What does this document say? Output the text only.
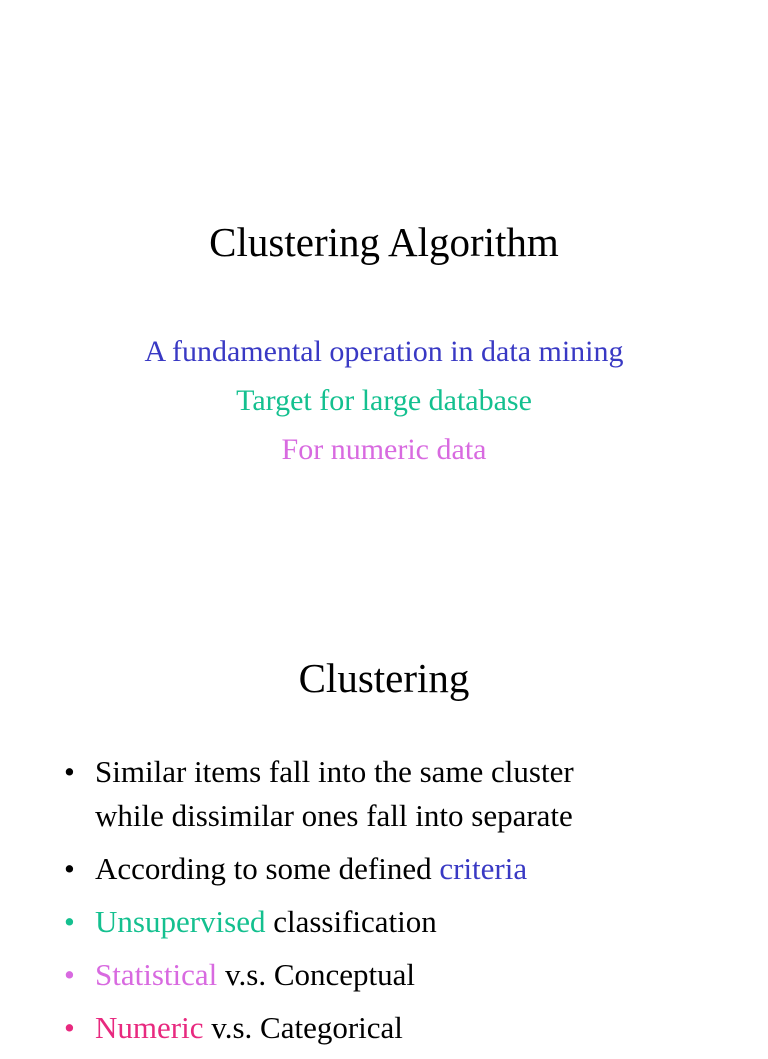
Clustering Algorithm
A fundamental operation in data mining
Target for large database
For numeric data
Clustering
• Similar items fall into the same cluster
while dissimilar ones fall into separate
• According to some defined criteria
• Unsupervised classification
• Statistical v.s. Conceptual
• Numeric v.s. Categorical
